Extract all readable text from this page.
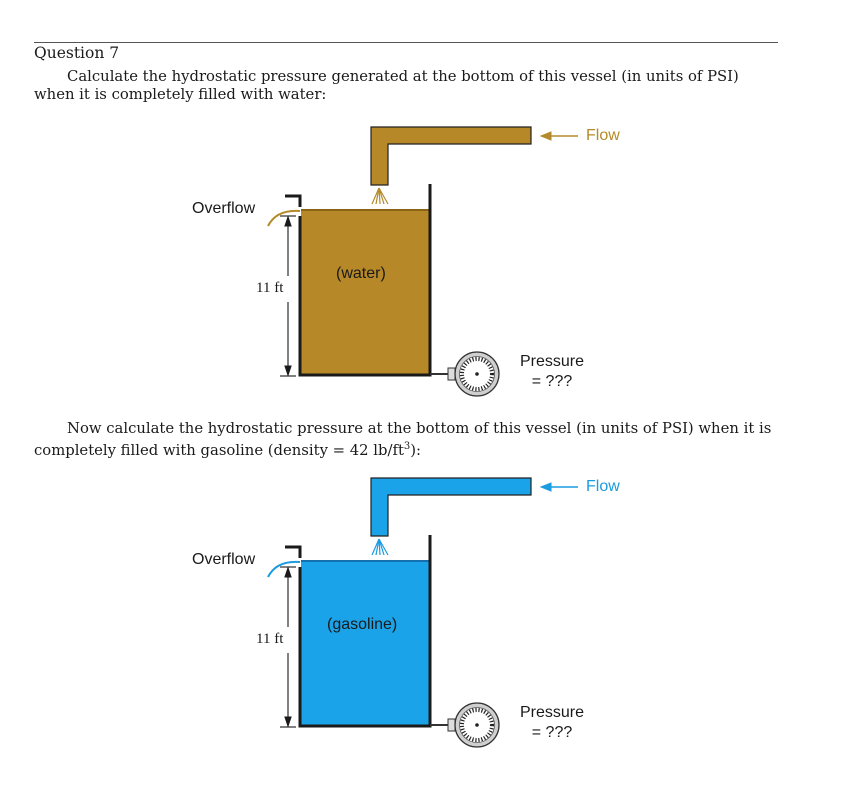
Question 7
Calculate the hydrostatic pressure generated at the bottom of this vessel (in units of PSI) when it is completely filled with water:
Flow
Overflow
11 ft
(water)
Pressure
= ???
Now calculate the hydrostatic pressure at the bottom of this vessel (in units of PSI) when it is completely filled with gasoline (density = 42 $lb/ft^3$):
Flow
Overflow
11 ft
(gasoline)
Pressure
= ???
